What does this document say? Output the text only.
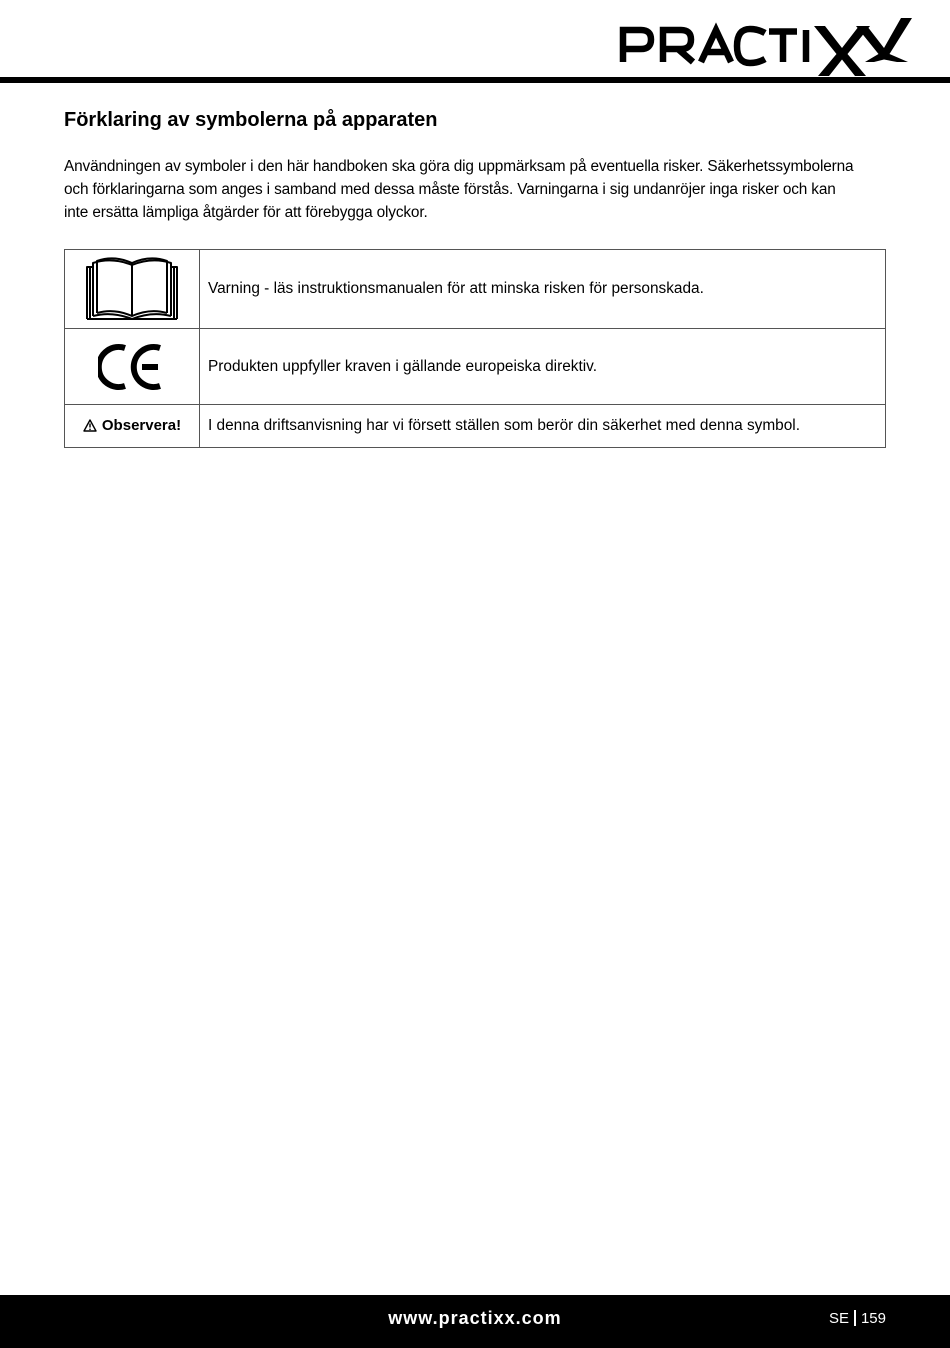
Förklaring av symbolerna på apparaten

Användningen av symboler i den här handboken ska göra dig uppmärksam på eventuella risker. Säkerhetssymbolerna
och förklaringarna som anges i samband med dessa måste förstås. Varningarna i sig undanröjer inga risker och kan
inte ersätta lämpliga åtgärder för att förebygga olyckor.

	Varning - läs instruktionsmanualen för att minska risken för personskada.

	Produkten uppfyller kraven i gällande europeiska direktiv.
Observera!	I denna driftsanvisning har vi försett ställen som berör din säkerhet med denna symbol.
www.practixx.com	SE 159
